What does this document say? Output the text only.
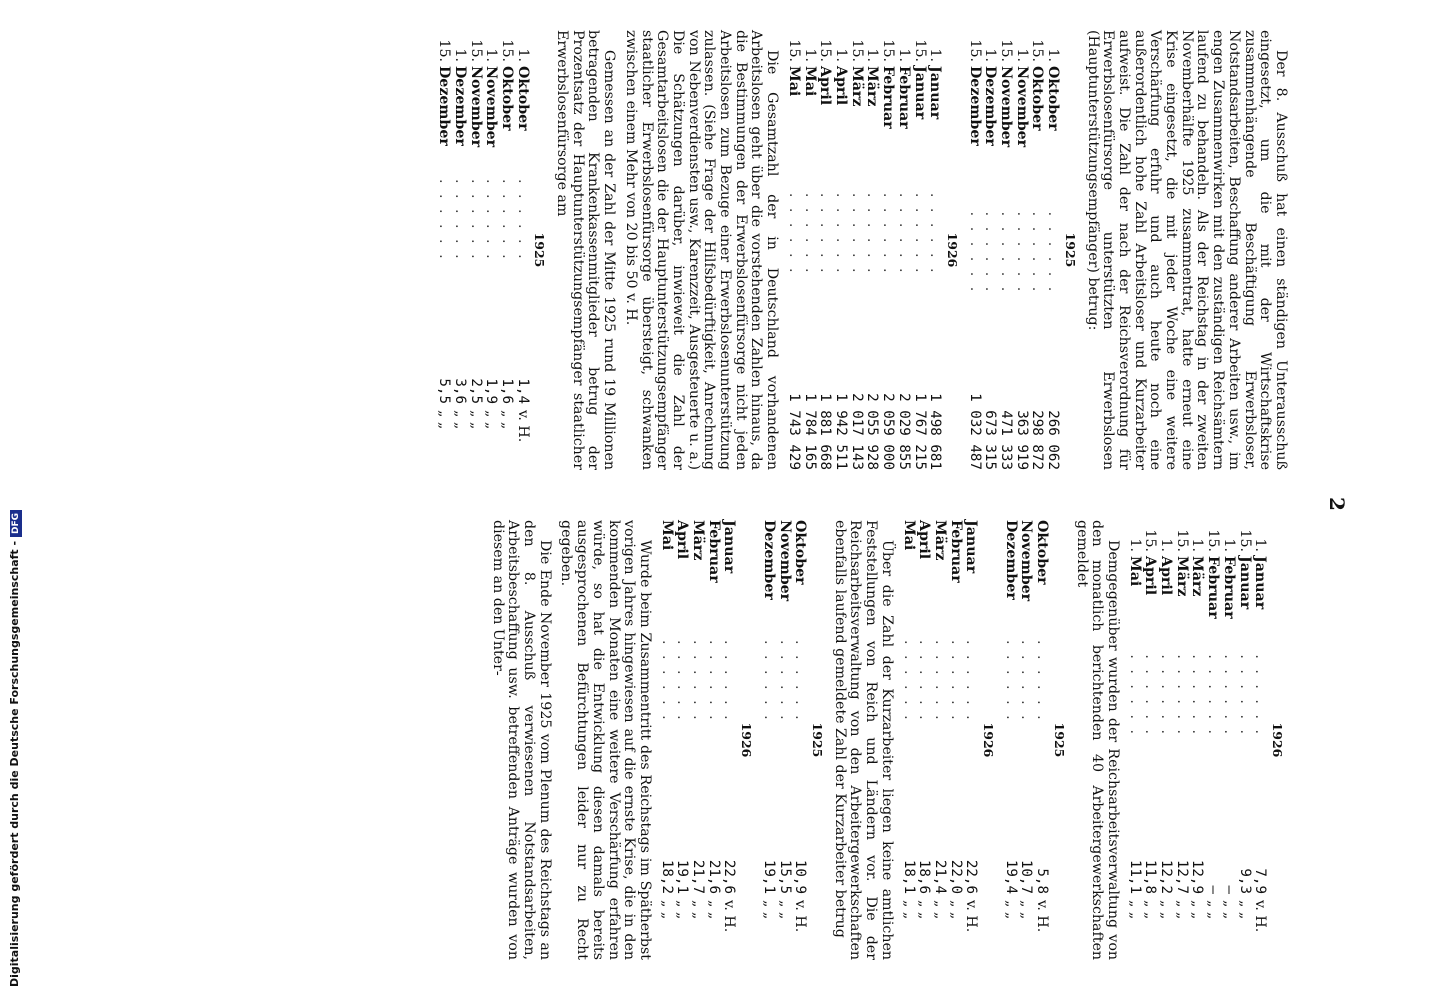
2

Der 8. Ausschuß hat einen ständigen Unterausschuß eingesetzt, um die mit der Wirtschaftskrise zusammenhängende Beschäftigung Erwerbsloser, Notstandsarbeiten, Beschaffung anderer Arbeiten usw., im engen Zusammenwirken mit den zuständigen Reichsämtern laufend zu behandeln. Als der Reichstag in der zweiten Novemberhälfte 1925 zusammentrat, hatte erneut eine Krise eingesetzt, die mit jeder Woche eine weitere Verschärfung erfuhr und auch heute noch eine außerordentlich hohe Zahl Arbeitsloser und Kurzarbeiter aufweist. Die Zahl der nach der Reichsverordnung für Erwerbslosenfürsorge unterstützten Erwerbslosen (Hauptunterstützungsempfänger) betrug:

1925
1.	Oktober	. . . . . .	266 062
15.	Oktober	. . . . . .	298 872
1.	November	. . . . . .	363 919
15.	November	. . . . . .	471 333
1.	Dezember	. . . . . .	673 315
15.	Dezember	. . . . . .	1 032 487
1926
1.	Januar	. . . . . .	1 498 681
15.	Januar	. . . . . .	1 767 215
1.	Februar	. . . . . .	2 029 855
15.	Februar	. . . . . .	2 059 000
1.	März	. . . . . .	2 055 928
15.	März	. . . . . .	2 017 143
1.	April	. . . . . .	1 942 511
15.	April	. . . . . .	1 881 668
1.	Mai	. . . . . .	1 784 165
15.	Mai	. . . . . .	1 743 429

Die Gesamtzahl der in Deutschland vorhandenen Arbeitslosen geht über die vorstehenden Zahlen hinaus, da die Bestimmungen der Erwerbslosenfürsorge nicht jeden Arbeitslosen zum Bezuge einer Erwerbslosenunterstützung zulassen. (Siehe Frage der Hilfsbedürftigkeit, Anrechnung von Nebenverdiensten usw., Karenzzeit, Ausgesteuerte u. a.) Die Schätzungen darüber, inwieweit die Zahl der Gesamtarbeitslosen die der Hauptunterstützungsempfänger staatlicher Erwerbslosenfürsorge übersteigt, schwanken zwischen einem Mehr von 20 bis 50 v. H.

Gemessen an der Zahl der Mitte 1925 rund 19 Millionen betragenden Krankenkassenmitglieder betrug der Prozentsatz der Hauptunterstützungsempfänger staatlicher Erwerbslosenfürsorge am

1925
1.	Oktober	. . . . . .	1,4	v. H.
15.	Oktober	. . . . . .	1,6	„ „
1.	November	. . . . . .	1,9	„ „
15.	November	. . . . . .	2,5	„ „
1.	Dezember	. . . . . .	3,6	„ „
15.	Dezember	. . . . . .	5,5	„ „
1926
1.	Januar	. . . . . .	7,9	v. H.
15.	Januar	. . . . . .	9,3	„ „
1.	Februar	. . . . . .	—	„ „
15.	Februar	. . . . . .	—	„ „
1.	März	. . . . . .	12,9	„ „
15.	März	. . . . . .	12,7	„ „
1.	April	. . . . . .	12,2	„ „
15.	April	. . . . . .	11,8	„ „
1.	Mai	. . . . . .	11,1	„ „

Demgegenüber wurden der Reichsarbeitsverwaltung von den monatlich berichtenden 40 Arbeitergewerkschaften gemeldet

1925
Oktober	. . . . . .	5,8	v. H.
November	. . . . . .	10,7	„ „
Dezember	. . . . . .	19,4	„ „
1926
Januar	. . . . . .	22,6	v. H.
Februar	. . . . . .	22,0	„ „
März	. . . . . .	21,4	„ „
April	. . . . . .	18,6	„ „
Mai	. . . . . .	18,1	„ „

Über die Zahl der Kurzarbeiter liegen keine amtlichen Feststellungen von Reich und Ländern vor. Die der Reichsarbeitsverwaltung von den Arbeitergewerkschaften ebenfalls laufend gemeldete Zahl der Kurzarbeiter betrug

1925
Oktober	. . . . . .	10,9	v. H.
November	. . . . . .	15,5	„ „
Dezember	. . . . . .	19,1	„ „
1926
Januar	. . . . . .	22,6	v. H.
Februar	. . . . . .	21,6	„ „
März	. . . . . .	21,7	„ „
April	. . . . . .	19,1	„ „
Mai	. . . . . .	18,2	„ „

Wurde beim Zusammentritt des Reichstags im Spätherbst vorigen Jahres hingewiesen auf die ernste Krise, die in den kommenden Monaten eine weitere Verschärfung erfahren würde, so hat die Entwicklung diesen damals bereits ausgesprochenen Befürchtungen leider nur zu Recht gegeben.

Die Ende November 1925 vom Plenum des Reichstags an den 8. Ausschuß verwiesenen Notstandsarbeiten, Arbeitsbeschaffung usw. betreffenden Anträge wurden von diesem an den Unter-

Digitalisierung gefördert durch die Deutsche Forschungsgemeinschaft -DFG
